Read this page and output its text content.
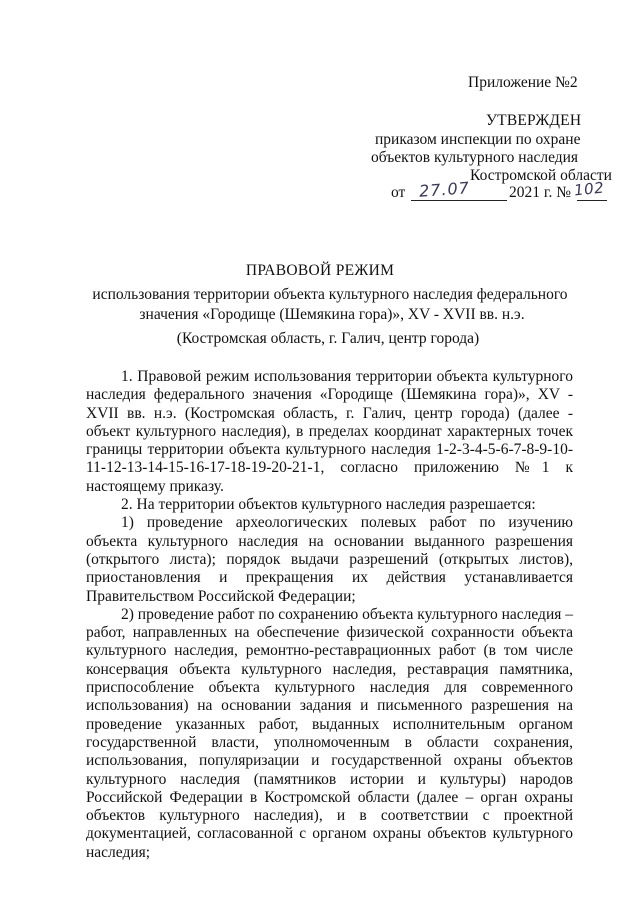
Приложение №2
УТВЕРЖДЕН
приказом инспекции по охране
объектов культурного наследия
Костромской области
от 27.07 2021 г. № 102
ПРАВОВОЙ РЕЖИМ
использования территории объекта культурного наследия федерального
значения «Городище (Шемякина гора)», XV - XVII вв. н.э.
(Костромская область, г. Галич, центр города)

1. Правовой режим использования территории объекта культурного наследия федерального значения «Городище (Шемякина гора)», XV - XVII вв. н.э. (Костромская область, г. Галич, центр города) (далее - объект культурного наследия), в пределах координат характерных точек границы территории объекта культурного наследия 1-2-3-4-5-6-7-8-9-10-11-12-13-14-15-16-17-18-19-20-21-1, согласно приложению №1 к настоящему приказу.

2. На территории объектов культурного наследия разрешается:

1) проведение археологических полевых работ по изучению объекта культурного наследия на основании выданного разрешения (открытого листа); порядок выдачи разрешений (открытых листов), приостановления и прекращения их действия устанавливается Правительством Российской Федерации;

2) проведение работ по сохранению объекта культурного наследия – работ, направленных на обеспечение физической сохранности объекта культурного наследия, ремонтно-реставрационных работ (в том числе консервация объекта культурного наследия, реставрация памятника, приспособление объекта культурного наследия для современного использования) на основании задания и письменного разрешения на проведение указанных работ, выданных исполнительным органом государственной власти, уполномоченным в области сохранения, использования, популяризации и государственной охраны объектов культурного наследия (памятников истории и культуры) народов Российской Федерации в Костромской области (далее – орган охраны объектов культурного наследия), и в соответствии с проектной документацией, согласованной с органом охраны объектов культурного наследия;
